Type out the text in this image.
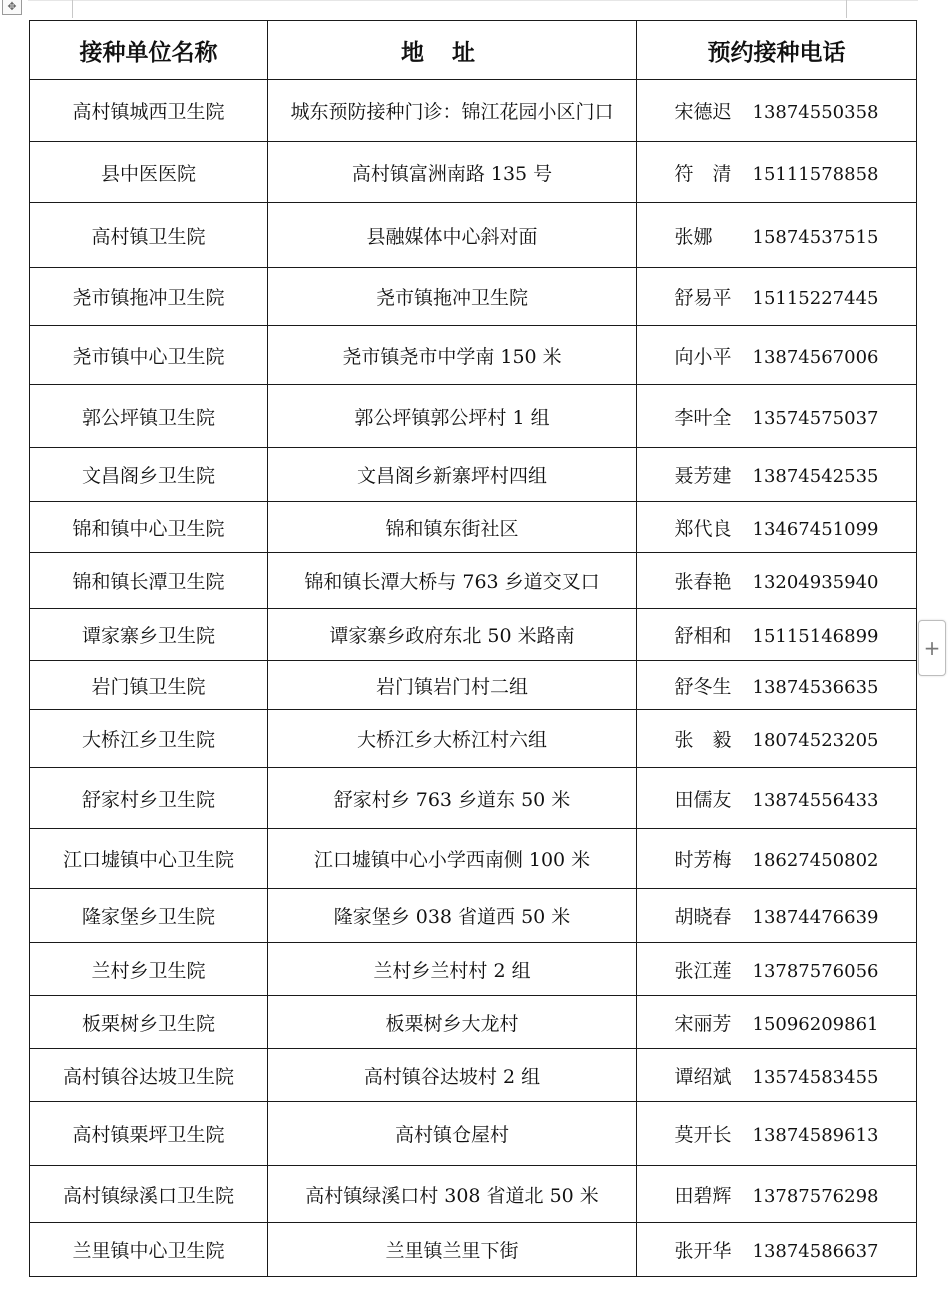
✥
接种单位名称	地址	预约接种电话
高村镇城西卫生院	城东预防接种门诊：锦江花园小区门口	宋德迟 13874550358
县中医医院	高村镇富洲南路 135 号	符　清 15111578858
高村镇卫生院	县融媒体中心斜对面	张娜 15874537515
尧市镇拖冲卫生院	尧市镇拖冲卫生院	舒易平 15115227445
尧市镇中心卫生院	尧市镇尧市中学南 150 米	向小平 13874567006
郭公坪镇卫生院	郭公坪镇郭公坪村 1 组	李叶全 13574575037
文昌阁乡卫生院	文昌阁乡新寨坪村四组	聂芳建 13874542535
锦和镇中心卫生院	锦和镇东街社区	郑代良 13467451099
锦和镇长潭卫生院	锦和镇长潭大桥与 763 乡道交叉口	张春艳 13204935940
谭家寨乡卫生院	谭家寨乡政府东北 50 米路南	舒相和 15115146899
岩门镇卫生院	岩门镇岩门村二组	舒冬生 13874536635
大桥江乡卫生院	大桥江乡大桥江村六组	张　毅 18074523205
舒家村乡卫生院	舒家村乡 763 乡道东 50 米	田儒友 13874556433
江口墟镇中心卫生院	江口墟镇中心小学西南侧 100 米	时芳梅 18627450802
隆家堡乡卫生院	隆家堡乡 038 省道西 50 米	胡晓春 13874476639
兰村乡卫生院	兰村乡兰村村 2 组	张江莲 13787576056
板栗树乡卫生院	板栗树乡大龙村	宋丽芳 15096209861
高村镇谷达坡卫生院	高村镇谷达坡村 2 组	谭绍斌 13574583455
高村镇栗坪卫生院	高村镇仓屋村	莫开长 13874589613
高村镇绿溪口卫生院	高村镇绿溪口村 308 省道北 50 米	田碧辉 13787576298
兰里镇中心卫生院	兰里镇兰里下街	张开华 13874586637
+
